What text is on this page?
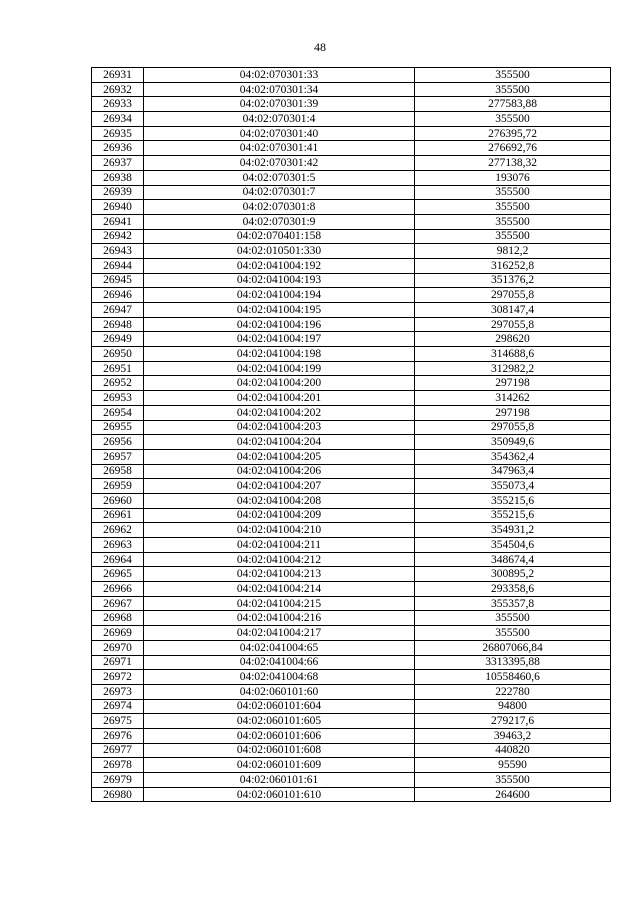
48
26931	04:02:070301:33	355500
26932	04:02:070301:34	355500
26933	04:02:070301:39	277583,88
26934	04:02:070301:4	355500
26935	04:02:070301:40	276395,72
26936	04:02:070301:41	276692,76
26937	04:02:070301:42	277138,32
26938	04:02:070301:5	193076
26939	04:02:070301:7	355500
26940	04:02:070301:8	355500
26941	04:02:070301:9	355500
26942	04:02:070401:158	355500
26943	04:02:010501:330	9812,2
26944	04:02:041004:192	316252,8
26945	04:02:041004:193	351376,2
26946	04:02:041004:194	297055,8
26947	04:02:041004:195	308147,4
26948	04:02:041004:196	297055,8
26949	04:02:041004:197	298620
26950	04:02:041004:198	314688,6
26951	04:02:041004:199	312982,2
26952	04:02:041004:200	297198
26953	04:02:041004:201	314262
26954	04:02:041004:202	297198
26955	04:02:041004:203	297055,8
26956	04:02:041004:204	350949,6
26957	04:02:041004:205	354362,4
26958	04:02:041004:206	347963,4
26959	04:02:041004:207	355073,4
26960	04:02:041004:208	355215,6
26961	04:02:041004:209	355215,6
26962	04:02:041004:210	354931,2
26963	04:02:041004:211	354504,6
26964	04:02:041004:212	348674,4
26965	04:02:041004:213	300895,2
26966	04:02:041004:214	293358,6
26967	04:02:041004:215	355357,8
26968	04:02:041004:216	355500
26969	04:02:041004:217	355500
26970	04:02:041004:65	26807066,84
26971	04:02:041004:66	3313395,88
26972	04:02:041004:68	10558460,6
26973	04:02:060101:60	222780
26974	04:02:060101:604	94800
26975	04:02:060101:605	279217,6
26976	04:02:060101:606	39463,2
26977	04:02:060101:608	440820
26978	04:02:060101:609	95590
26979	04:02:060101:61	355500
26980	04:02:060101:610	264600
